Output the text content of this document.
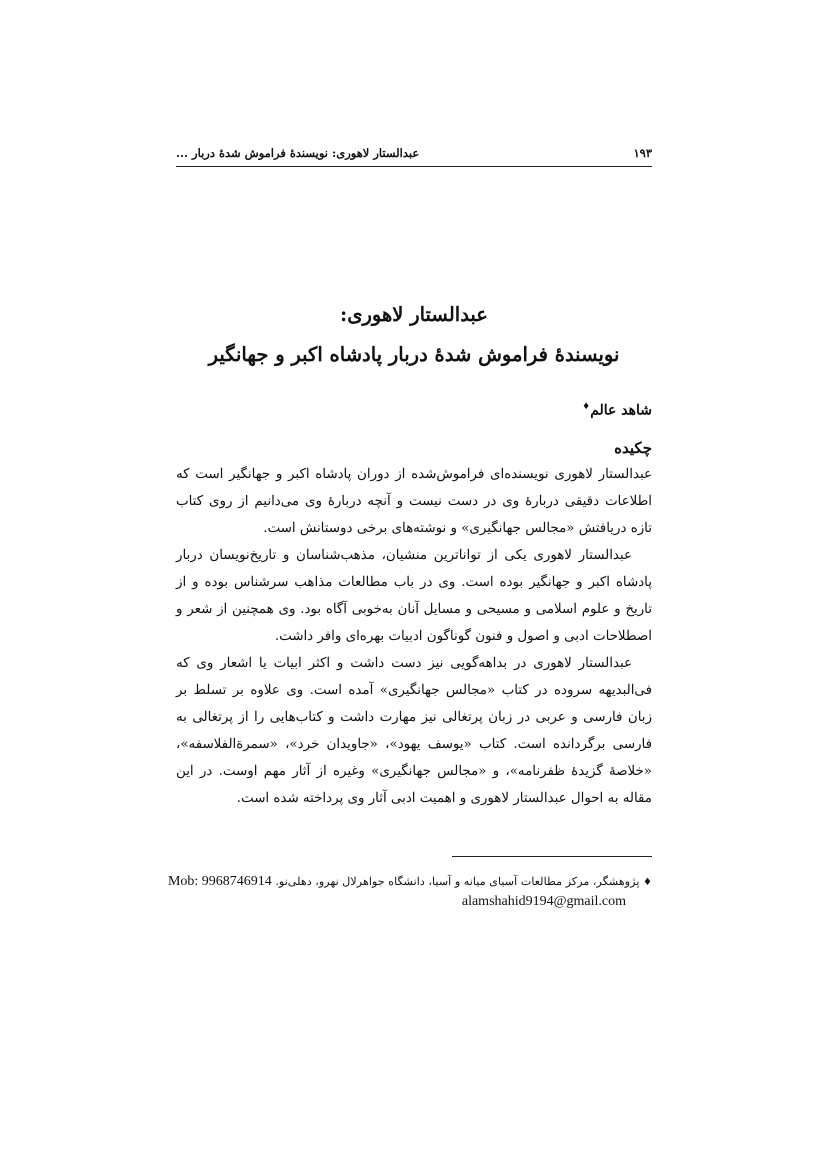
۱۹۳
عبدالستار لاهوری: نویسندۀ فراموش شدۀ دربار ...
عبدالستار لاهوری:
نویسندۀ فراموش شدۀ دربار پادشاه اکبر و جهانگیر
شاهد عالم♦
چکیده

عبدالستار لاهوری نویسنده‌ای فراموش‌شده از دوران پادشاه اکبر و جهانگیر است که اطلاعات دقیقی دربارۀ وی در دست نیست و آنچه دربارۀ وی می‌دانیم از روی کتاب تازه دریافتش «مجالس جهانگیری» و نوشته‌های برخی دوستانش است.

عبدالستار لاهوری یکی از تواناترین منشیان، مذهب‌شناسان و تاریخ‌نویسان دربار پادشاه اکبر و جهانگیر بوده است. وی در باب مطالعات مذاهب سرشناس بوده و از تاریخ و علوم اسلامی و مسیحی و مسایل آنان به‌خوبی آگاه بود. وی همچنین از شعر و اصطلاحات ادبی و اصول و فنون گوناگون ادبیات بهره‌ای وافر داشت.

عبدالستار لاهوری در بداهه‌گویی نیز دست داشت و اکثر ابیات یا اشعار وی که فی‌البدیهه سروده در کتاب «مجالس جهانگیری» آمده است. وی علاوه بر تسلط بر زبان فارسی و عربی در زبان پرتغالی نیز مهارت داشت و کتاب‌هایی را از پرتغالی به فارسی برگردانده است. کتاب «یوسف یهود»، «جاویدان خرد»، «سمرةالفلاسفه»، «خلاصۀ گزیدۀ ظفرنامه»، و «مجالس جهانگیری» وغیره از آثار مهم اوست. در این مقاله به احوال عبدالستار لاهوری و اهمیت ادبی آثار وی پرداخته شده است.

♦ پژوهشگر، مرکز مطالعات آسیای میانه و آسیا، دانشگاه جواهرلال نهرو، دهلی‌نو. Mob: 9968746914
alamshahid9194@gmail.com
